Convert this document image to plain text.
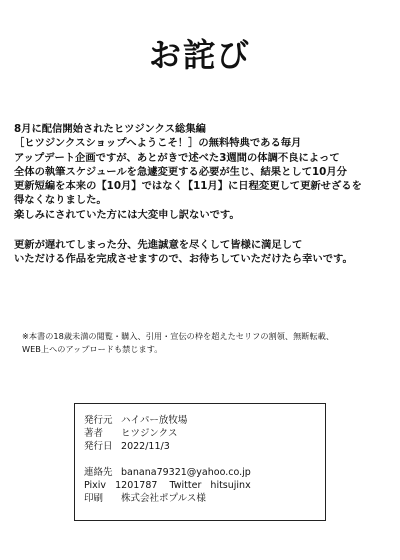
お詫び
8月に配信開始されたヒツジンクス総集編
［ヒツジンクスショップへようこそ！］の無料特典である毎月
アップデート企画ですが、あとがきで述べた3週間の体調不良によって
全体の執筆スケジュールを急遽変更する必要が生じ、結果として10月分
更新短編を本来の【10月】ではなく【11月】に日程変更して更新せざるを
得なくなりました。
楽しみにされていた方には大変申し訳ないです。
更新が遅れてしまった分、先進誠意を尽くして皆様に満足して
いただける作品を完成させますので、お待ちしていただけたら幸いです。
※本書の18歳未満の閲覧・購入、引用・宣伝の枠を超えたセリフの割領、無断転載、
WEB上へのアップロードも禁じます。
発行元 ハイパー放牧場
著者 ヒツジンクス
発行日 2022/11/3
連絡先 banana79321@yahoo.co.jp
Pixiv 1201787 Twitter hitsujinx
印刷 株式会社ポプルス様
